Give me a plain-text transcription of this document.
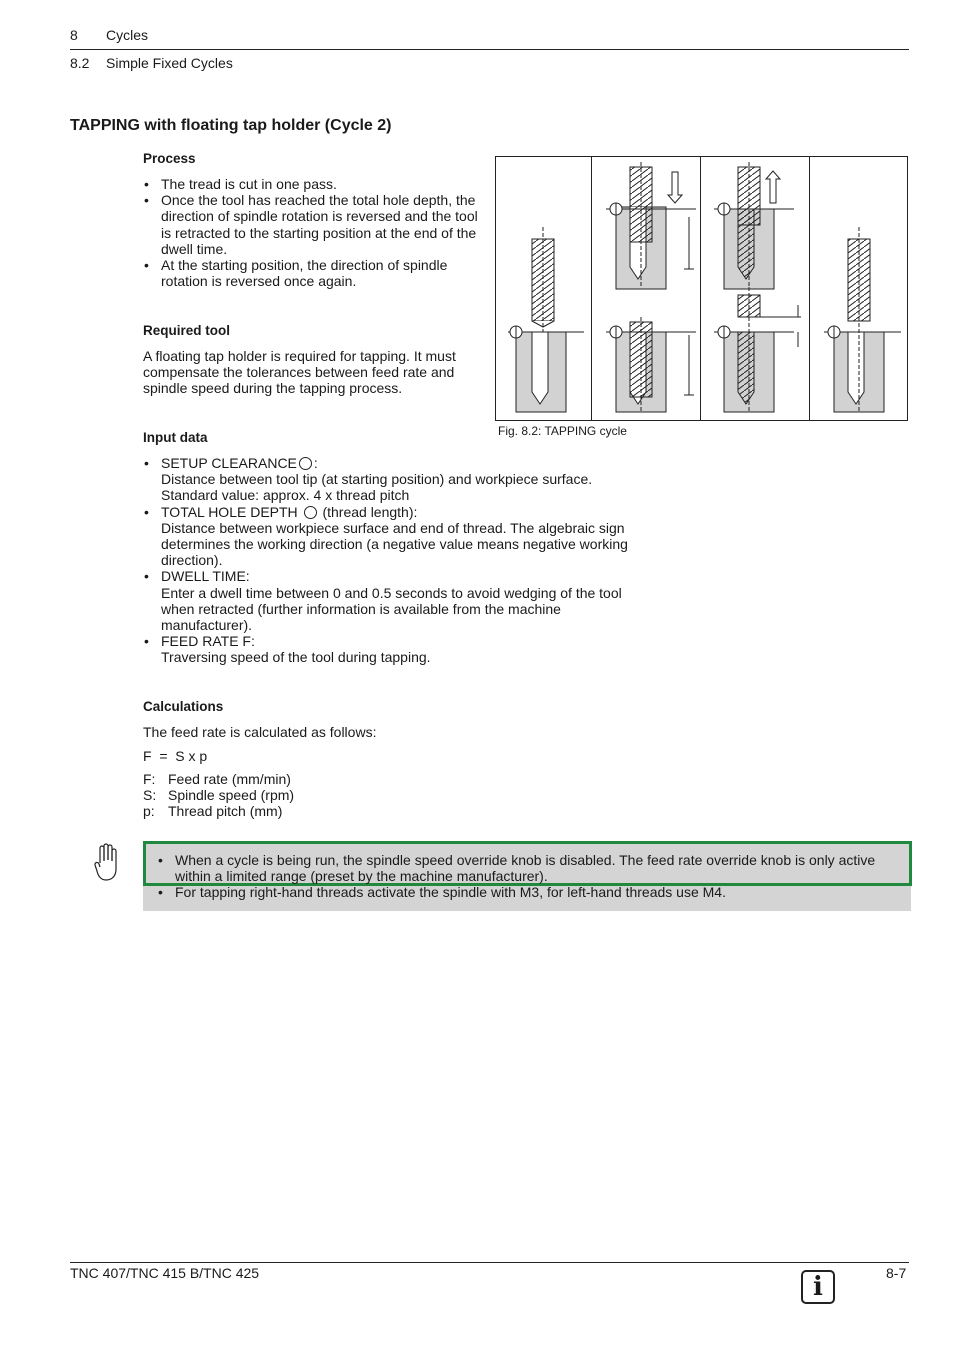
8 Cycles
8.2 Simple Fixed Cycles
TAPPING with floating tap holder (Cycle 2)
Process
• The tread is cut in one pass.
• Once the tool has reached the total hole depth, the direction of spindle rotation is reversed and the tool is retracted to the starting position at the end of the dwell time.
• At the starting position, the direction of spindle rotation is reversed once again.
Required tool
A floating tap holder is required for tapping. It must compensate the tolerances between feed rate and spindle speed during the tapping process.
Fig. 8.2: TAPPING cycle
Input data
• SETUP CLEARANCE :
Distance between tool tip (at starting position) and workpiece surface. Standard value: approx. 4 x thread pitch
• TOTAL HOLE DEPTH  (thread length):
Distance between workpiece surface and end of thread. The algebraic sign determines the working direction (a negative value means negative working direction).
• DWELL TIME:
Enter a dwell time between 0 and 0.5 seconds to avoid wedging of the tool when retracted (further information is available from the machine manufacturer).
• FEED RATE F:
Traversing speed of the tool during tapping.
Calculations
The feed rate is calculated as follows:
F  =  S x p
F: Feed rate (mm/min)
S: Spindle speed (rpm)
p: Thread pitch (mm)
• When a cycle is being run, the spindle speed override knob is disabled. The feed rate override knob is only active within a limited range (preset by the machine manufacturer).
• For tapping right-hand threads activate the spindle with M3, for left-hand threads use M4.
TNC 407/TNC 415 B/TNC 425	8-7
i
